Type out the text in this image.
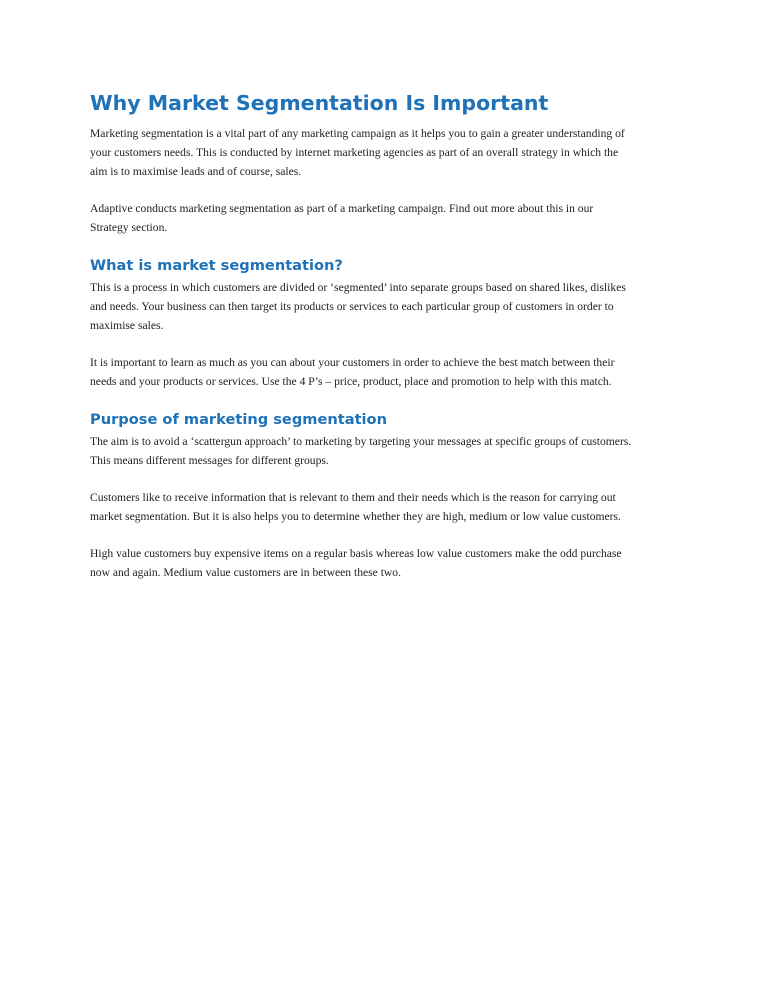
Why Market Segmentation Is Important

Marketing segmentation is a vital part of any marketing campaign as it helps you to gain a greater understanding of
your customers needs. This is conducted by internet marketing agencies as part of an overall strategy in which the
aim is to maximise leads and of course, sales.

Adaptive conducts marketing segmentation as part of a marketing campaign. Find out more about this in our
Strategy section.

What is market segmentation?

This is a process in which customers are divided or ‘segmented’ into separate groups based on shared likes, dislikes
and needs. Your business can then target its products or services to each particular group of customers in order to
maximise sales.

It is important to learn as much as you can about your customers in order to achieve the best match between their
needs and your products or services. Use the 4 P’s – price, product, place and promotion to help with this match.

Purpose of marketing segmentation

The aim is to avoid a ‘scattergun approach’ to marketing by targeting your messages at specific groups of customers.
This means different messages for different groups.

Customers like to receive information that is relevant to them and their needs which is the reason for carrying out
market segmentation. But it is also helps you to determine whether they are high, medium or low value customers.

High value customers buy expensive items on a regular basis whereas low value customers make the odd purchase
now and again. Medium value customers are in between these two.
